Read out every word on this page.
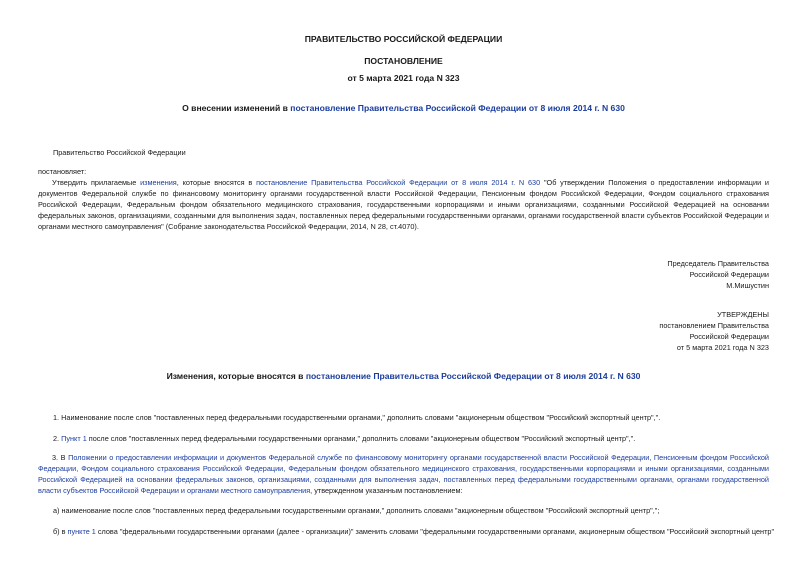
ПРАВИТЕЛЬСТВО РОССИЙСКОЙ ФЕДЕРАЦИИ
ПОСТАНОВЛЕНИЕ
от 5 марта 2021 года N 323
О внесении изменений в постановление Правительства Российской Федерации от 8 июля 2014 г. N 630
Правительство Российской Федерации
постановляет:
Утвердить прилагаемые изменения, которые вносятся в постановление Правительства Российской Федерации от 8 июля 2014 г. N 630 "Об утверждении Положения о предоставлении информации и документов Федеральной службе по финансовому мониторингу органами государственной власти Российской Федерации, Пенсионным фондом Российской Федерации, Фондом социального страхования Российской Федерации, Федеральным фондом обязательного медицинского страхования, государственными корпорациями и иными организациями, созданными Российской Федерацией на основании федеральных законов, организациями, созданными для выполнения задач, поставленных перед федеральными государственными органами, органами государственной власти субъектов Российской Федерации и органами местного самоуправления" (Собрание законодательства Российской Федерации, 2014, N 28, ст.4070).
Председатель Правительства
Российской Федерации
М.Мишустин
УТВЕРЖДЕНЫ
постановлением Правительства
Российской Федерации
от 5 марта 2021 года N 323
Изменения, которые вносятся в постановление Правительства Российской Федерации от 8 июля 2014 г. N 630
1. Наименование после слов "поставленных перед федеральными государственными органами," дополнить словами "акционерным обществом "Российский экспортный центр",".
2. Пункт 1 после слов "поставленных перед федеральными государственными органами," дополнить словами "акционерным обществом "Российский экспортный центр",".
3. В Положении о предоставлении информации и документов Федеральной службе по финансовому мониторингу органами государственной власти Российской Федерации, Пенсионным фондом Российской Федерации, Фондом социального страхования Российской Федерации, Федеральным фондом обязательного медицинского страхования, государственными корпорациями и иными организациями, созданными Российской Федерацией на основании федеральных законов, организациями, созданными для выполнения задач, поставленных перед федеральными государственными органами, органами государственной власти субъектов Российской Федерации и органами местного самоуправления, утвержденном указанным постановлением:
а) наименование после слов "поставленных перед федеральными государственными органами," дополнить словами "акционерным обществом "Российский экспортный центр",";
б) в пункте 1 слова "федеральными государственными органами (далее - организации)" заменить словами "федеральными государственными органами, акционерным обществом "Российский экспортный центр"
